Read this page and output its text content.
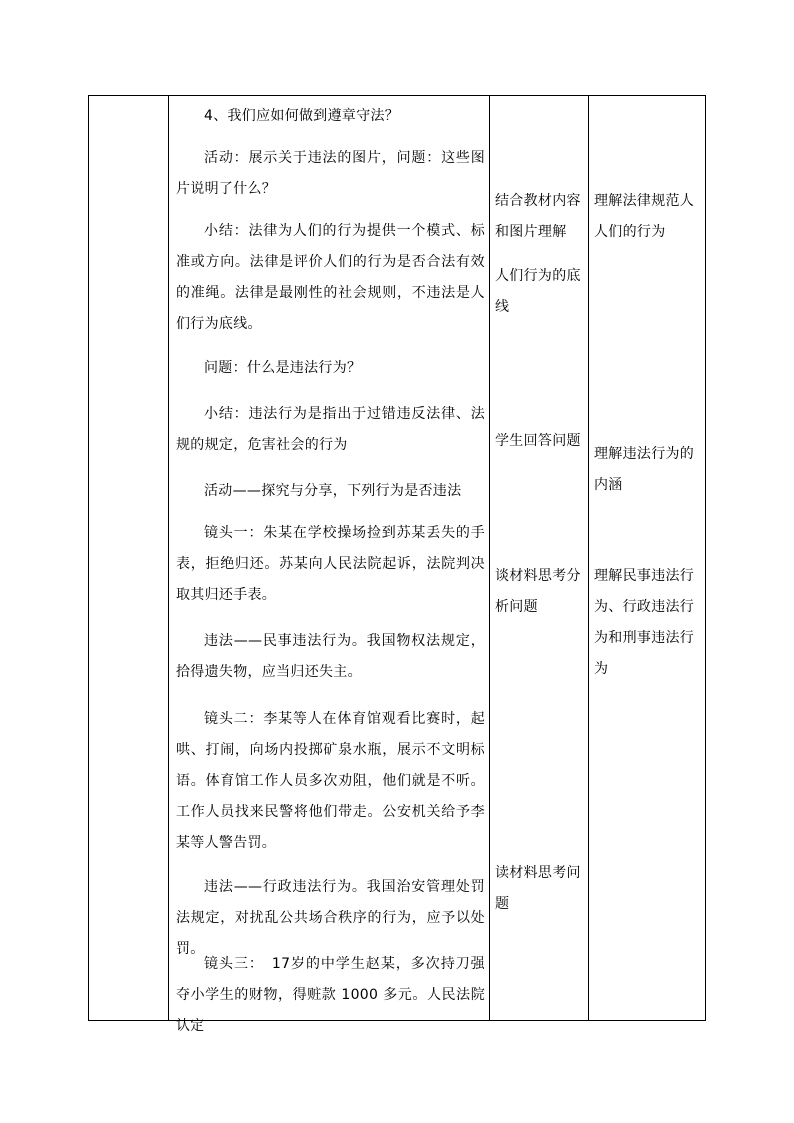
4、我们应如何做到遵章守法？

活动：展示关于违法的图片，问题：这些图片说明了什么？

小结：法律为人们的行为提供一个模式、标准或方向。法律是评价人们的行为是否合法有效的准绳。法律是最刚性的社会规则，不违法是人们行为底线。

问题：什么是违法行为？

小结：违法行为是指出于过错违反法律、法规的规定，危害社会的行为

活动——探究与分享，下列行为是否违法

镜头一：朱某在学校操场捡到苏某丢失的手表，拒绝归还。苏某向人民法院起诉，法院判决取其归还手表。

违法——民事违法行为。我国物权法规定，拾得遗失物，应当归还失主。

镜头二：李某等人在体育馆观看比赛时，起哄、打闹，向场内投掷矿泉水瓶，展示不文明标语。体育馆工作人员多次劝阻，他们就是不听。工作人员找来民警将他们带走。公安机关给予李某等人警告罚。

违法——行政违法行为。我国治安管理处罚法规定，对扰乱公共场合秩序的行为，应予以处罚。

镜头三：　17岁的中学生赵某，多次持刀强夺小学生的财物，得赃款 1000 多元。人民法院认定

结合教材内容和图片理解

人们行为的底线

学生回答问题

谈材料思考分析问题

读材料思考问题

理解法律规范人人们的行为

理解违法行为的内涵

理解民事违法行为、行政违法行为和刑事违法行为
